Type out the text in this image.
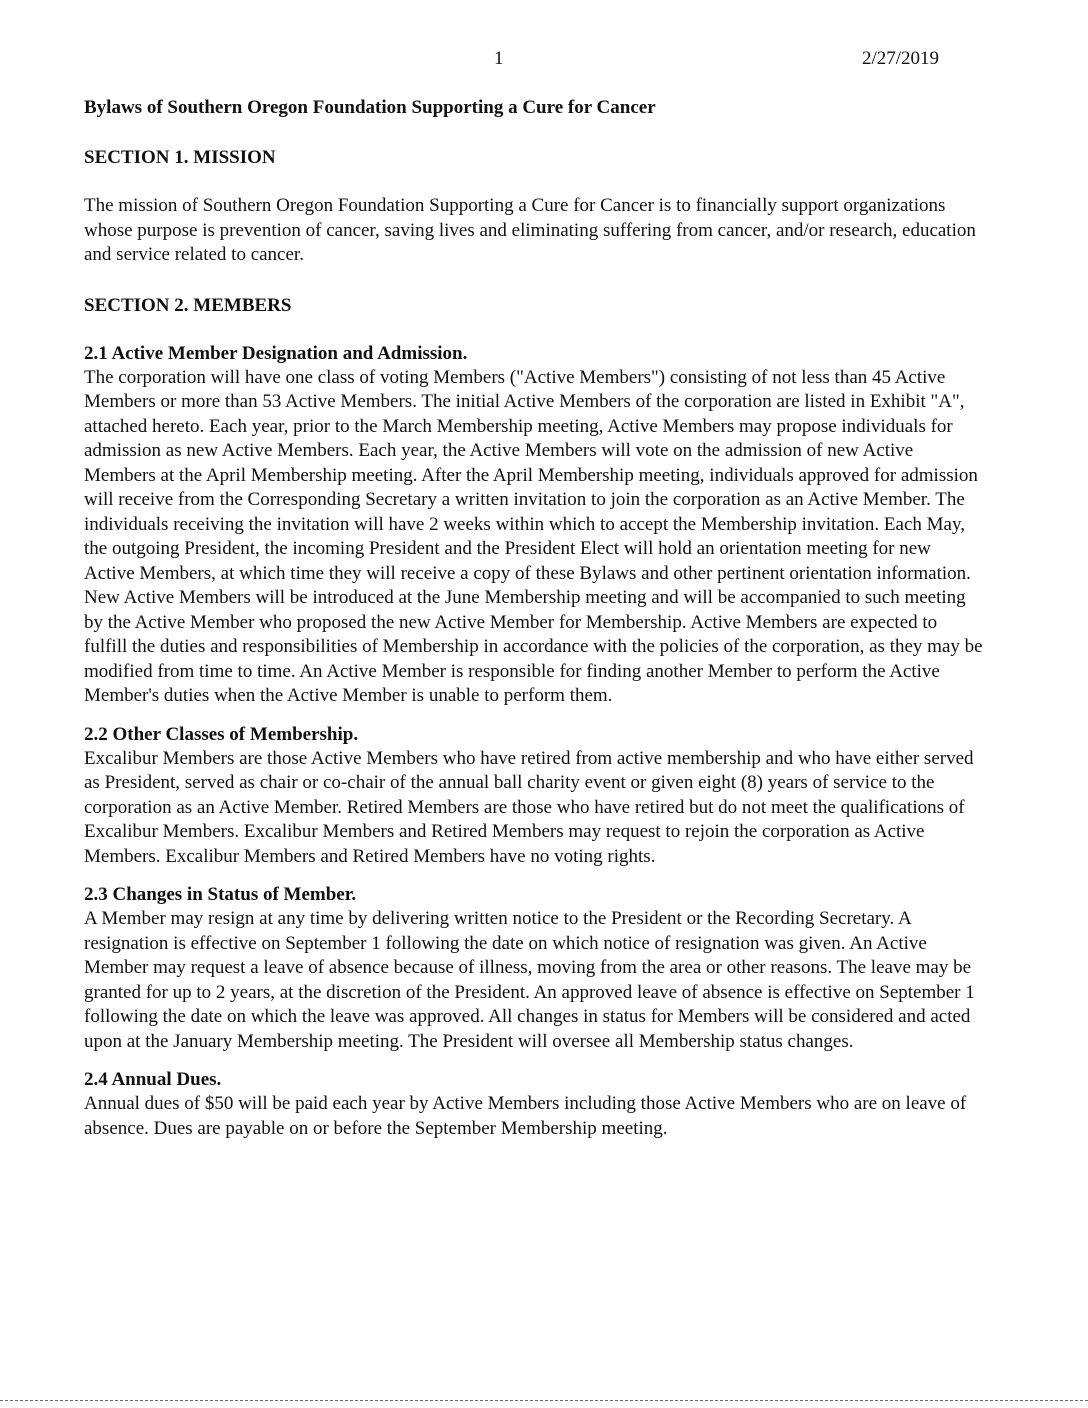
1	2/27/2019
Bylaws of Southern Oregon Foundation Supporting a Cure for Cancer
SECTION 1. MISSION

The mission of Southern Oregon Foundation Supporting a Cure for Cancer is to financially support organizations whose purpose is prevention of cancer, saving lives and eliminating suffering from cancer, and/or research, education and service related to cancer.

SECTION 2. MEMBERS
2.1 Active Member Designation and Admission.

The corporation will have one class of voting Members ("Active Members") consisting of not less than 45 Active Members or more than 53 Active Members. The initial Active Members of the corporation are listed in Exhibit "A", attached hereto. Each year, prior to the March Membership meeting, Active Members may propose individuals for admission as new Active Members. Each year, the Active Members will vote on the admission of new Active Members at the April Membership meeting. After the April Membership meeting, individuals approved for admission will receive from the Corresponding Secretary a written invitation to join the corporation as an Active Member. The individuals receiving the invitation will have 2 weeks within which to accept the Membership invitation. Each May, the outgoing President, the incoming President and the President Elect will hold an orientation meeting for new Active Members, at which time they will receive a copy of these Bylaws and other pertinent orientation information. New Active Members will be introduced at the June Membership meeting and will be accompanied to such meeting by the Active Member who proposed the new Active Member for Membership. Active Members are expected to fulfill the duties and responsibilities of Membership in accordance with the policies of the corporation, as they may be modified from time to time. An Active Member is responsible for finding another Member to perform the Active Member's duties when the Active Member is unable to perform them.

2.2 Other Classes of Membership.

Excalibur Members are those Active Members who have retired from active membership and who have either served as President, served as chair or co-chair of the annual ball charity event or given eight (8) years of service to the corporation as an Active Member. Retired Members are those who have retired but do not meet the qualifications of Excalibur Members. Excalibur Members and Retired Members may request to rejoin the corporation as Active Members. Excalibur Members and Retired Members have no voting rights.

2.3 Changes in Status of Member.

A Member may resign at any time by delivering written notice to the President or the Recording Secretary. A resignation is effective on September 1 following the date on which notice of resignation was given. An Active Member may request a leave of absence because of illness, moving from the area or other reasons. The leave may be granted for up to 2 years, at the discretion of the President. An approved leave of absence is effective on September 1 following the date on which the leave was approved. All changes in status for Members will be considered and acted upon at the January Membership meeting. The President will oversee all Membership status changes.

2.4 Annual Dues.

Annual dues of $50 will be paid each year by Active Members including those Active Members who are on leave of absence. Dues are payable on or before the September Membership meeting.
